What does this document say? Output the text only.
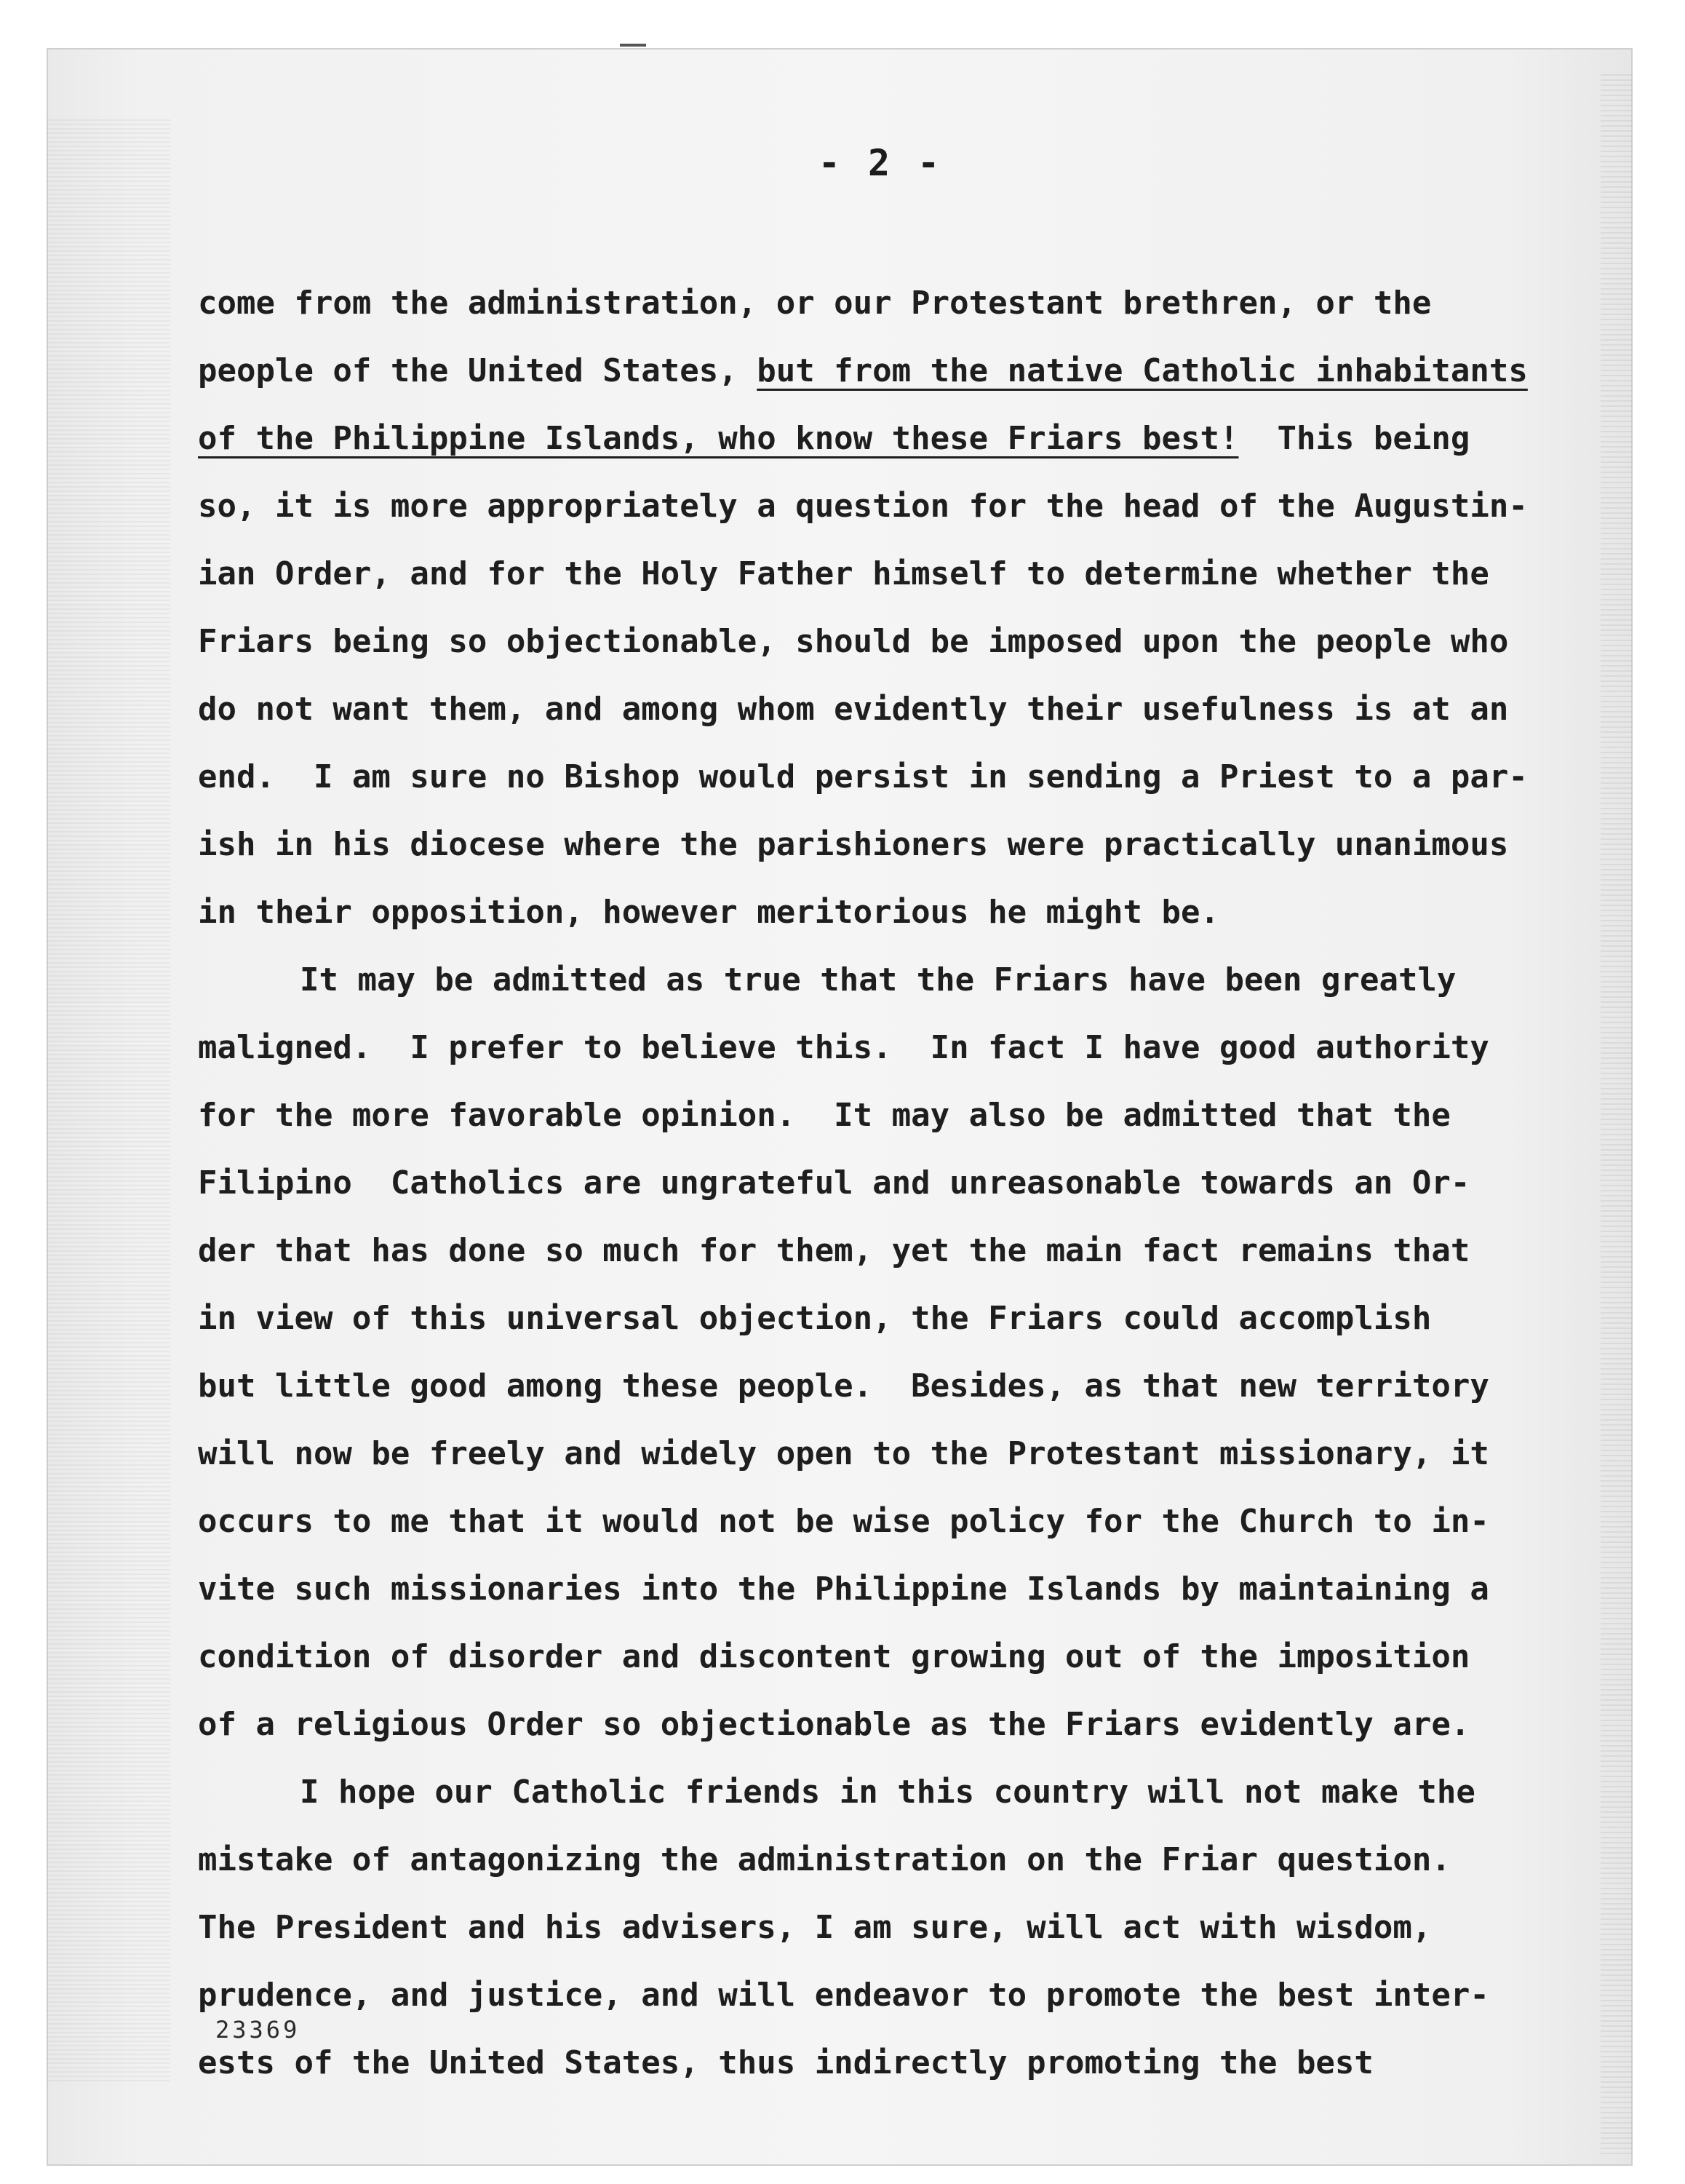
- 2 -
come from the administration, or our Protestant brethren, or the
people of the United States, but from the native Catholic inhabitants
of the Philippine Islands, who know these Friars best!  This being
so, it is more appropriately a question for the head of the Augustin-
ian Order, and for the Holy Father himself to determine whether the
Friars being so objectionable, should be imposed upon the people who
do not want them, and among whom evidently their usefulness is at an
end.  I am sure no Bishop would persist in sending a Priest to a par-
ish in his diocese where the parishioners were practically unanimous
in their opposition, however meritorious he might be.
It may be admitted as true that the Friars have been greatly
maligned.  I prefer to believe this.  In fact I have good authority
for the more favorable opinion.  It may also be admitted that the
Filipino  Catholics are ungrateful and unreasonable towards an Or-
der that has done so much for them, yet the main fact remains that
in view of this universal objection, the Friars could accomplish
but little good among these people.  Besides, as that new territory
will now be freely and widely open to the Protestant missionary, it
occurs to me that it would not be wise policy for the Church to in-
vite such missionaries into the Philippine Islands by maintaining a
condition of disorder and discontent growing out of the imposition
of a religious Order so objectionable as the Friars evidently are.
I hope our Catholic friends in this country will not make the
mistake of antagonizing the administration on the Friar question.
The President and his advisers, I am sure, will act with wisdom,
prudence, and justice, and will endeavor to promote the best inter-
ests of the United States, thus indirectly promoting the best
23369
